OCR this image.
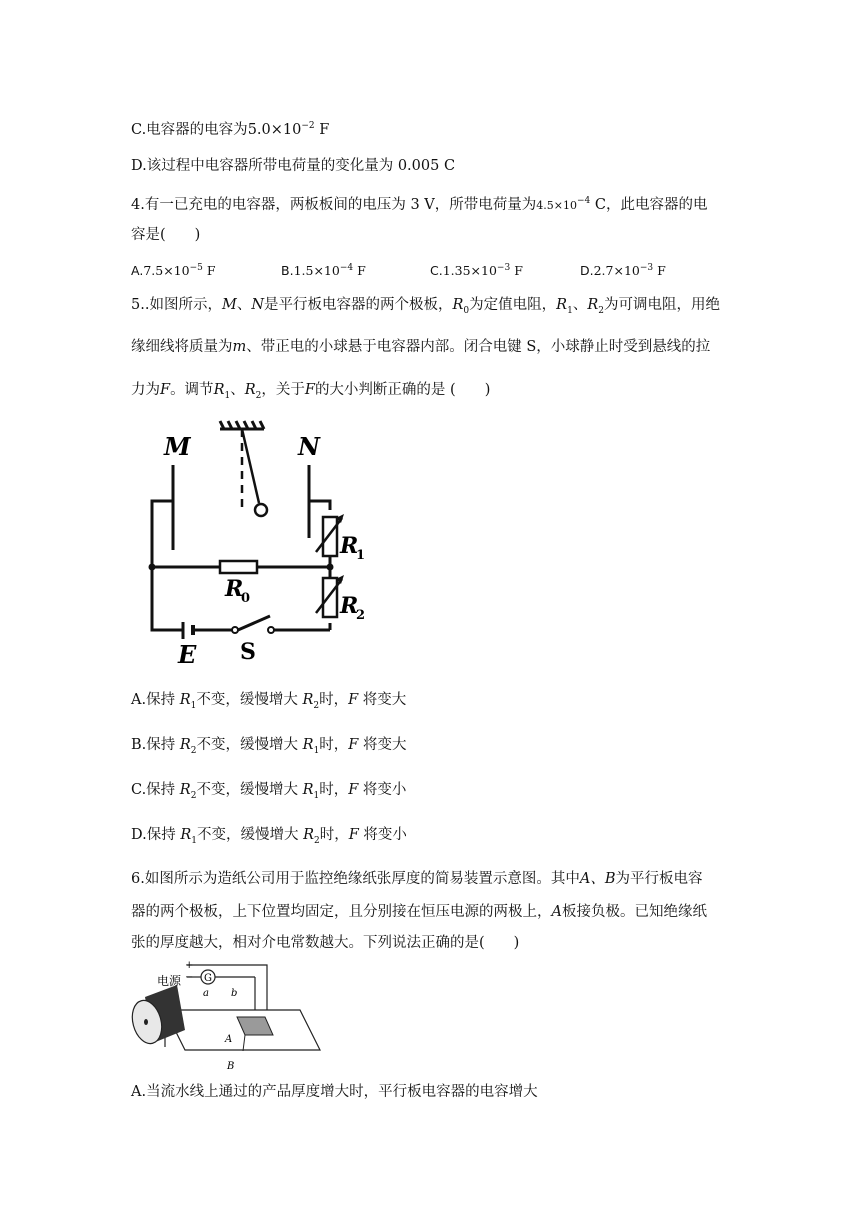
C.电容器的电容为$5.0\times 10^{-2}$ F
D.该过程中电容器所带电荷量的变化量为 0.005 C
4.有一已充电的电容器，两板板间的电压为 3 V，所带电荷量为$4.5\times 10^{-4}$ C，此电容器的电
容是(　　)
$A.7.5\times 10^{-5}$ F	$B.1.5\times 10^{-4}$ F	$C.1.35\times 10^{-3}$ F	$D.2.7\times 10^{-3}$ F
5..如图所示，M、N是平行板电容器的两个极板，$R_0$为定值电阻，$R_1$、$R_2$为可调电阻，用绝
缘细线将质量为m、带正电的小球悬于电容器内部。闭合电键 S，小球静止时受到悬线的拉
力为F。调节$R_1$、$R_2$，关于F的大小判断正确的是 (　　)
M	N
R
1
R
2
R
0
E S
A.保持 $R_1$不变，缓慢增大 $R_2$时，F 将变大
B.保持 $R_2$不变，缓慢增大 $R_1$时，F 将变大
C.保持 $R_2$不变，缓慢增大 $R_1$时，F 将变小
D.保持 $R_1$不变，缓慢增大 $R_2$时，F 将变小
6.如图所示为造纸公司用于监控绝缘纸张厚度的简易装置示意图。其中A、B为平行板电容
器的两个极板，上下位置均固定，且分别接在恒压电源的两极上，A板接负极。已知绝缘纸
张的厚度越大，相对介电常数越大。下列说法正确的是(　　)
G
电源
+
−
a b
A
B
A.当流水线上通过的产品厚度增大时，平行板电容器的电容增大
